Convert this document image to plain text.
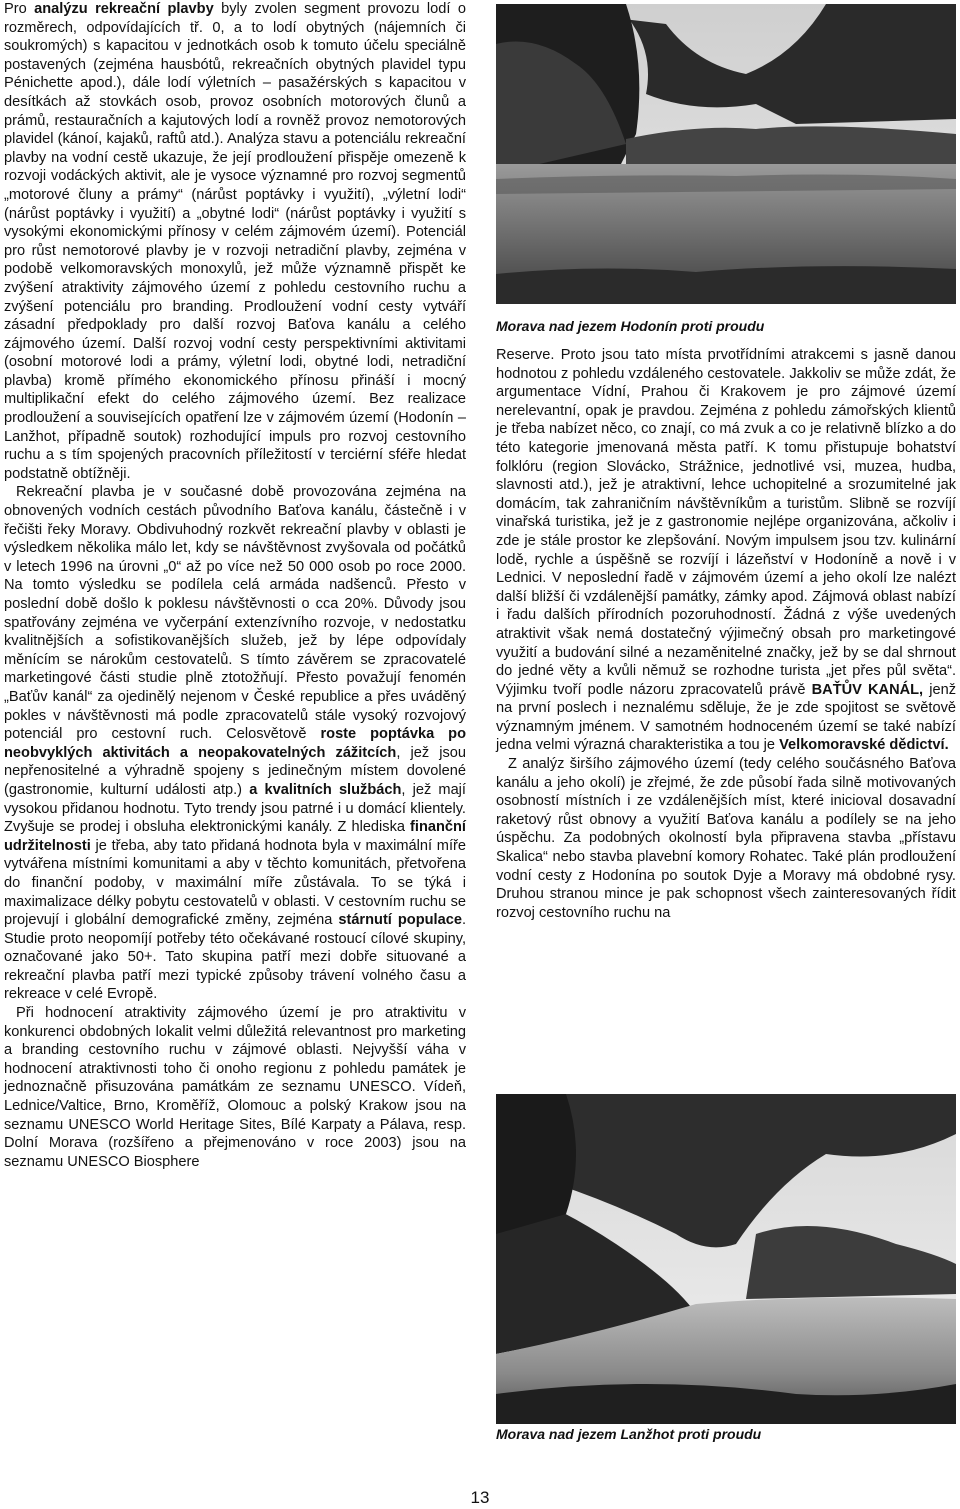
Pro analýzu rekreační plavby byly zvolen segment provozu lodí o rozměrech, odpovídajících tř. 0, a to lodí obytných (nájemních či soukromých) s kapacitou v jednotkách osob k tomuto účelu speciálně postavených (zejména hausbótů, rekreačních obytných plavidel typu Pénichette apod.), dále lodí výletních – pasažérských s kapacitou v desítkách až stovkách osob, provoz osobních motorových člunů a prámů, restauračních a kajutových lodí a rovněž provoz nemotorových plavidel (kánoí, kajaků, raftů atd.). Analýza stavu a potenciálu rekreační plavby na vodní cestě ukazuje, že její prodloužení přispěje omezeně k rozvoji vodáckých aktivit, ale je vysoce významné pro rozvoj segmentů „motorové čluny a prámy“ (nárůst poptávky i využití), „výletní lodi“ (nárůst poptávky i využití) a „obytné lodi“ (nárůst poptávky i využití s vysokými ekonomickými přínosy v celém zájmovém území). Potenciál pro růst nemotorové plavby je v rozvoji netradiční plavby, zejména v podobě velkomoravských monoxylů, jež může významně přispět ke zvýšení atraktivity zájmového území z pohledu cestovního ruchu a zvýšení potenciálu pro branding. Prodloužení vodní cesty vytváří zásadní předpoklady pro další rozvoj Baťova kanálu a celého zájmového území. Další rozvoj vodní cesty perspektivními aktivitami (osobní motorové lodi a prámy, výletní lodi, obytné lodi, netradiční plavba) kromě přímého ekonomického přínosu přináší i mocný multiplikační efekt do celého zájmového území. Bez realizace prodloužení a souvisejících opatření lze v zájmovém území (Hodonín – Lanžhot, případně soutok) rozhodující impuls pro rozvoj cestovního ruchu a s tím spojených pracovních příležitostí v terciérní sféře hledat podstatně obtížněji.

Rekreační plavba je v současné době provozována zejména na obnovených vodních cestách původního Baťova kanálu, částečně i v řečišti řeky Moravy. Obdivuhodný rozkvět rekreační plavby v oblasti je výsledkem několika málo let, kdy se návštěvnost zvyšovala od počátků v letech 1996 na úrovni „0“ až po více než 50 000 osob po roce 2000. Na tomto výsledku se podílela celá armáda nadšenců. Přesto v poslední době došlo k poklesu návštěvnosti o cca 20%. Důvody jsou spatřovány zejména ve vyčerpání extenzívního rozvoje, v nedostatku kvalitnějších a sofistikovanějších služeb, jež by lépe odpovídaly měnícím se nárokům cestovatelů. S tímto závěrem se zpracovatelé marketingové části studie plně ztotožňují. Přesto považují fenomén „Baťův kanál“ za ojedinělý nejenom v České republice a přes uváděný pokles v návštěvnosti má podle zpracovatelů stále vysoký rozvojový potenciál pro cestovní ruch. Celosvětově roste poptávka po neobvyklých aktivitách a neopakovatelných zážitcích, jež jsou nepřenositelné a výhradně spojeny s jedinečným místem dovolené (gastronomie, kulturní události atp.) a kvalitních službách, jež mají vysokou přidanou hodnotu. Tyto trendy jsou patrné i u domácí klientely. Zvyšuje se prodej i obsluha elektronickými kanály. Z hlediska finanční udržitelnosti je třeba, aby tato přidaná hodnota byla v maximální míře vytvářena místními komunitami a aby v těchto komunitách, přetvořena do finanční podoby, v maximální míře zůstávala. To se týká i maximalizace délky pobytu cestovatelů v oblasti. V cestovním ruchu se projevují i globální demografické změny, zejména stárnutí populace. Studie proto neopomíjí potřeby této očekávané rostoucí cílové skupiny, označované jako 50+. Tato skupina patří mezi dobře situované a rekreační plavba patří mezi typické způsoby trávení volného času a rekreace v celé Evropě.

Při hodnocení atraktivity zájmového území je pro atraktivitu v konkurenci obdobných lokalit velmi důležitá relevantnost pro marketing a branding cestovního ruchu v zájmové oblasti. Nejvyšší váha v hodnocení atraktivnosti toho či onoho regionu z pohledu památek je jednoznačně přisuzována památkám ze seznamu UNESCO. Vídeň, Lednice/Valtice, Brno, Kroměříž, Olomouc a polský Krakow jsou na seznamu UNESCO World Heritage Sites, Bílé Karpaty a Pálava, resp. Dolní Morava (rozšířeno a přejmenováno v roce 2003) jsou na seznamu UNESCO Biosphere

Morava nad jezem Hodonín proti proudu

Reserve. Proto jsou tato místa prvotřídními atrakcemi s jasně danou hodnotou z pohledu vzdáleného cestovatele. Jakkoliv se může zdát, že argumentace Vídní, Prahou či Krakovem je pro zájmové území nerelevantní, opak je pravdou. Zejména z pohledu zámořských klientů je třeba nabízet něco, co znají, co má zvuk a co je relativně blízko a do této kategorie jmenovaná města patří. K tomu přistupuje bohatství folklóru (region Slovácko, Strážnice, jednotlivé vsi, muzea, hudba, slavnosti atd.), jež je atraktivní, lehce uchopitelné a srozumitelné jak domácím, tak zahraničním návštěvníkům a turistům. Slibně se rozvíjí vinařská turistika, jež je z gastronomie nejlépe organizována, ačkoliv i zde je stále prostor ke zlepšování. Novým impulsem jsou tzv. kulinární lodě, rychle a úspěšně se rozvíjí i lázeňství v Hodoníně a nově i v Lednici. V neposlední řadě v zájmovém území a jeho okolí lze nalézt další bližší či vzdálenější památky, zámky apod. Zájmová oblast nabízí i řadu dalších přírodních pozoruhodností. Žádná z výše uvedených atraktivit však nemá dostatečný výjimečný obsah pro marketingové využití a budování silné a nezaměnitelné značky, jež by se dal shrnout do jedné věty a kvůli němuž se rozhodne turista „jet přes půl světa“. Výjimku tvoří podle názoru zpracovatelů právě BAŤŮV KANÁL, jenž na první poslech i neznalému sděluje, že je zde spojitost se světově významným jménem. V samotném hodnoceném území se také nabízí jedna velmi výrazná charakteristika a tou je Velkomoravské dědictví.

Z analýz širšího zájmového území (tedy celého součásného Baťova kanálu a jeho okolí) je zřejmé, že zde působí řada silně motivovaných osobností místních i ze vzdálenějších míst, které inicioval dosavadní raketový růst obnovy a využití Baťova kanálu a podílely se na jeho úspěchu. Za podobných okolností byla připravena stavba „přístavu Skalica“ nebo stavba plavební komory Rohatec. Také plán prodloužení vodní cesty z Hodonína po soutok Dyje a Moravy má obdobné rysy. Druhou stranou mince je pak schopnost všech zainteresovaných řídit rozvoj cestovního ruchu na

Morava nad jezem Lanžhot proti proudu
13
